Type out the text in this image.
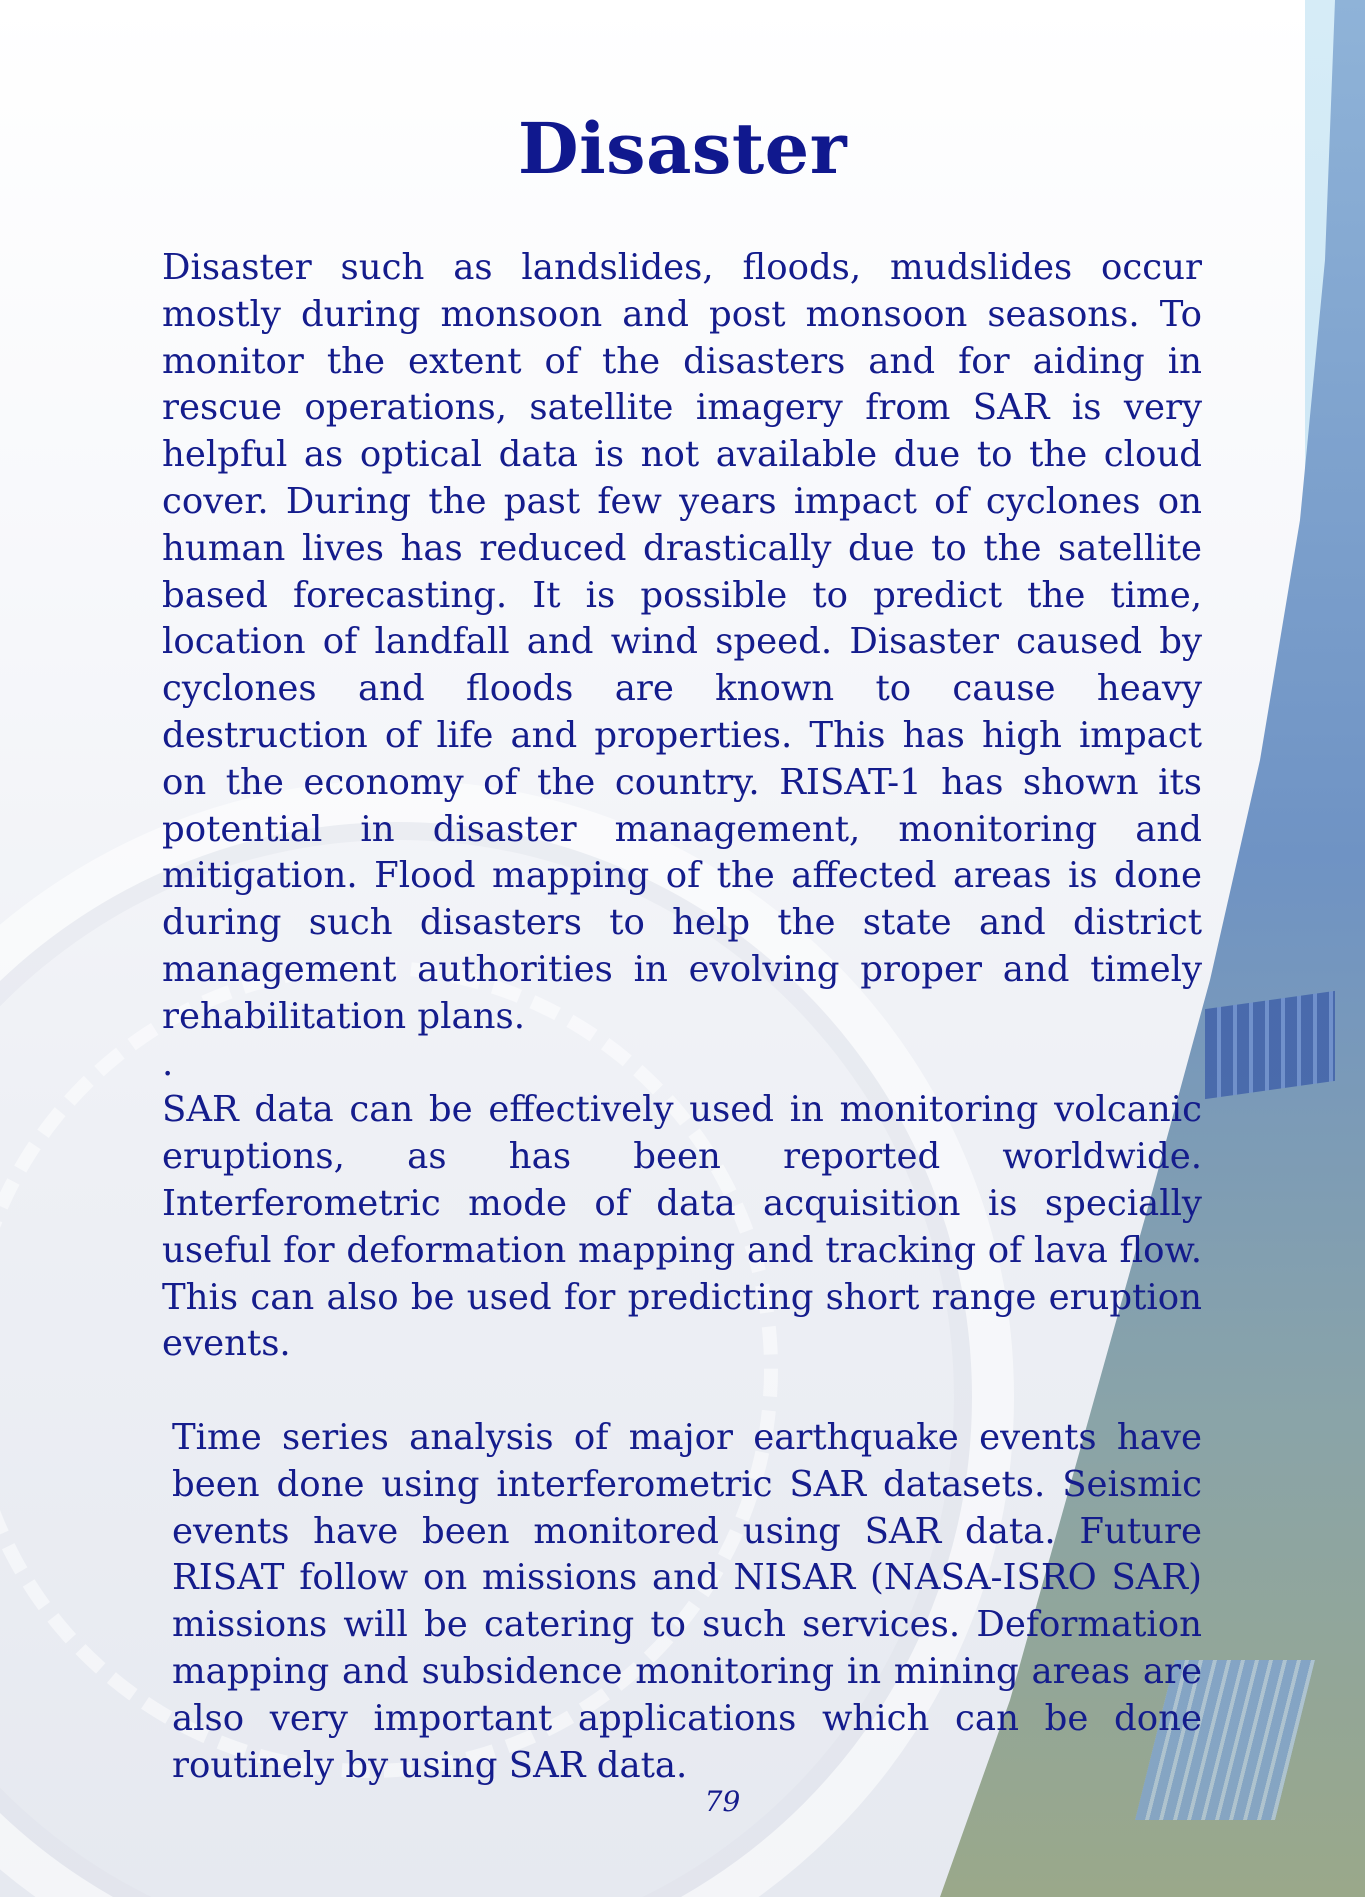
Disaster

Disaster such as landslides, floods, mudslides occur mostly during monsoon and post monsoon seasons. To monitor the extent of the disasters and for aiding in rescue operations, satellite imagery from SAR is very helpful as optical data is not available due to the cloud cover. During the past few years impact of cyclones on human lives has reduced drastically due to the satellite based forecasting. It is possible to predict the time, location of landfall and wind speed. Disaster caused by cyclones and floods are known to cause heavy destruction of life and properties. This has high impact on the economy of the country. RISAT-1 has shown its potential in disaster management, monitoring and mitigation. Flood mapping of the affected areas is done during such disasters to help the state and district management authorities in evolving proper and timely rehabilitation plans.

.

SAR data can be effectively used in monitoring volcanic eruptions, as has been reported worldwide. Interferometric mode of data acquisition is specially useful for deformation mapping and tracking of lava flow. This can also be used for predicting short range eruption events.

Time series analysis of major earthquake events have been done using interferometric SAR datasets. Seismic events have been monitored using SAR data. Future RISAT follow on missions and NISAR (NASA-ISRO SAR) missions will be catering to such services. Deformation mapping and subsidence monitoring in mining areas are also very important applications which can be done routinely by using SAR data.

79
